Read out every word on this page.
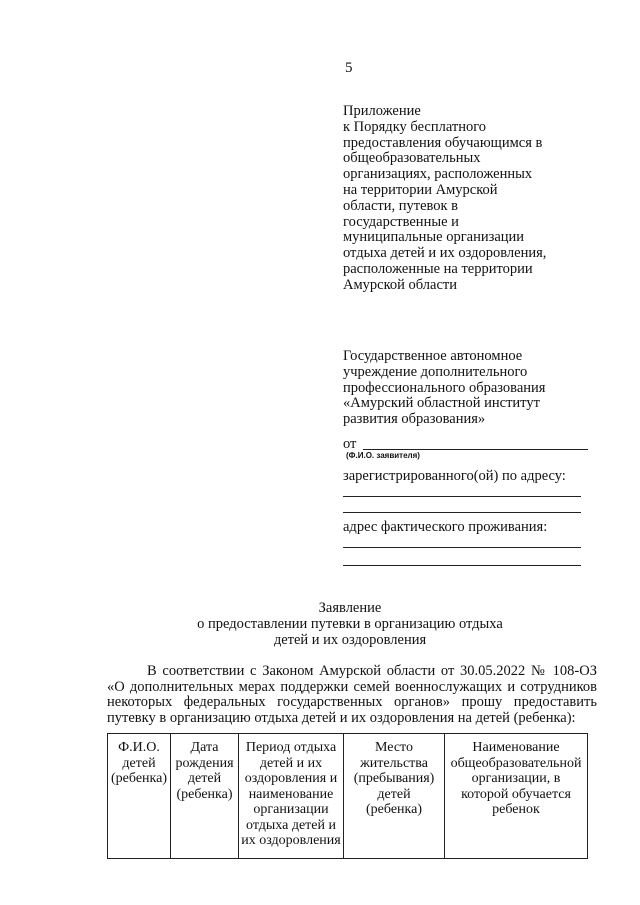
5
Приложение
к Порядку бесплатного
предоставления обучающимся в
общеобразовательных
организациях, расположенных
на территории Амурской
области, путевок в
государственные и
муниципальные организации
отдыха детей и их оздоровления,
расположенные на территории
Амурской области
Государственное автономное
учреждение дополнительного
профессионального образования
«Амурский областной институт
развития образования»
от
(Ф.И.О. заявителя)
зарегистрированного(ой) по адресу:
адрес фактического проживания:
Заявление
о предоставлении путевки в организацию отдыха
детей и их оздоровления
В соответствии с Законом Амурской области от 30.05.2022 № 108-ОЗ
«О дополнительных мерах поддержки семей военнослужащих и сотрудников
некоторых федеральных государственных органов» прошу предоставить
путевку в организацию отдыха детей и их оздоровления на детей (ребенка):
Ф.И.О.
детей
(ребенка)

Дата
рождения
детей
(ребенка)

Период отдыха
детей и их
оздоровления и
наименование
организации
отдыха детей и
их оздоровления

Место
жительства
(пребывания)
детей
(ребенка)

Наименование
общеобразовательной
организации, в
которой обучается
ребенок
